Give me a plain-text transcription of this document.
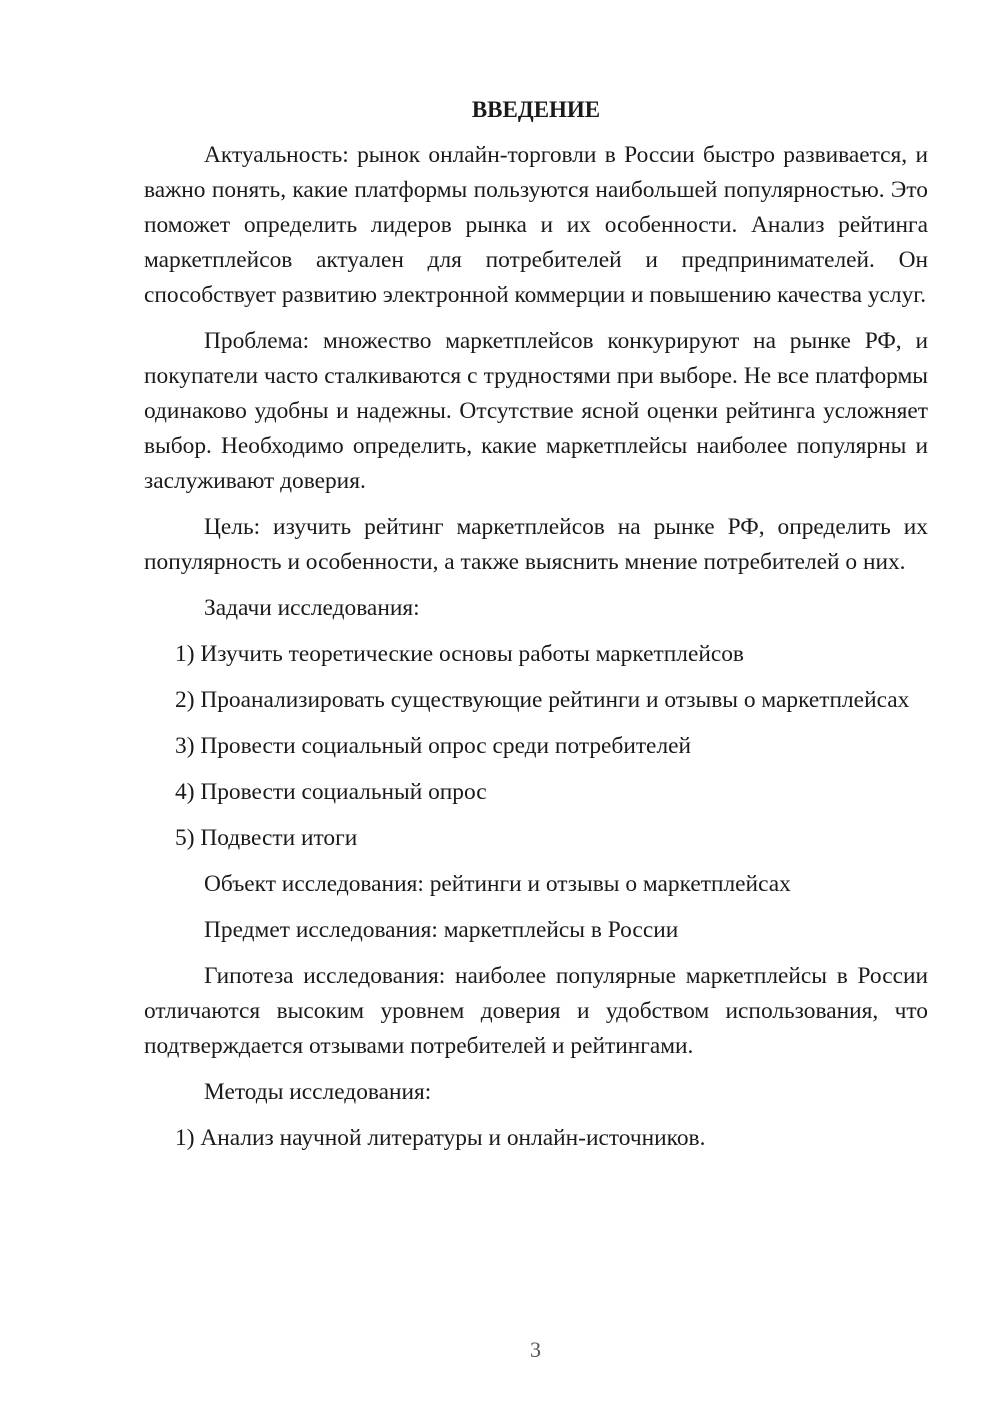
ВВЕДЕНИЕ

Актуальность: рынок онлайн-торговли в России быстро развивается, и важно понять, какие платформы пользуются наибольшей популярностью. Это поможет определить лидеров рынка и их особенности. Анализ рейтинга маркетплейсов актуален для потребителей и предпринимателей. Он способствует развитию электронной коммерции и повышению качества услуг.

Проблема: множество маркетплейсов конкурируют на рынке РФ, и покупатели часто сталкиваются с трудностями при выборе. Не все платформы одинаково удобны и надежны. Отсутствие ясной оценки рейтинга усложняет выбор. Необходимо определить, какие маркетплейсы наиболее популярны и заслуживают доверия.

Цель: изучить рейтинг маркетплейсов на рынке РФ, определить их популярность и особенности, а также выяснить мнение потребителей о них.

Задачи исследования:

1) Изучить теоретические основы работы маркетплейсов

2) Проанализировать существующие рейтинги и отзывы о маркетплейсах

3) Провести социальный опрос среди потребителей

4) Провести социальный опрос

5) Подвести итоги

Объект исследования: рейтинги и отзывы о маркетплейсах

Предмет исследования: маркетплейсы в России

Гипотеза исследования: наиболее популярные маркетплейсы в России отличаются высоким уровнем доверия и удобством использования, что подтверждается отзывами потребителей и рейтингами.

Методы исследования:

1) Анализ научной литературы и онлайн-источников.

3
